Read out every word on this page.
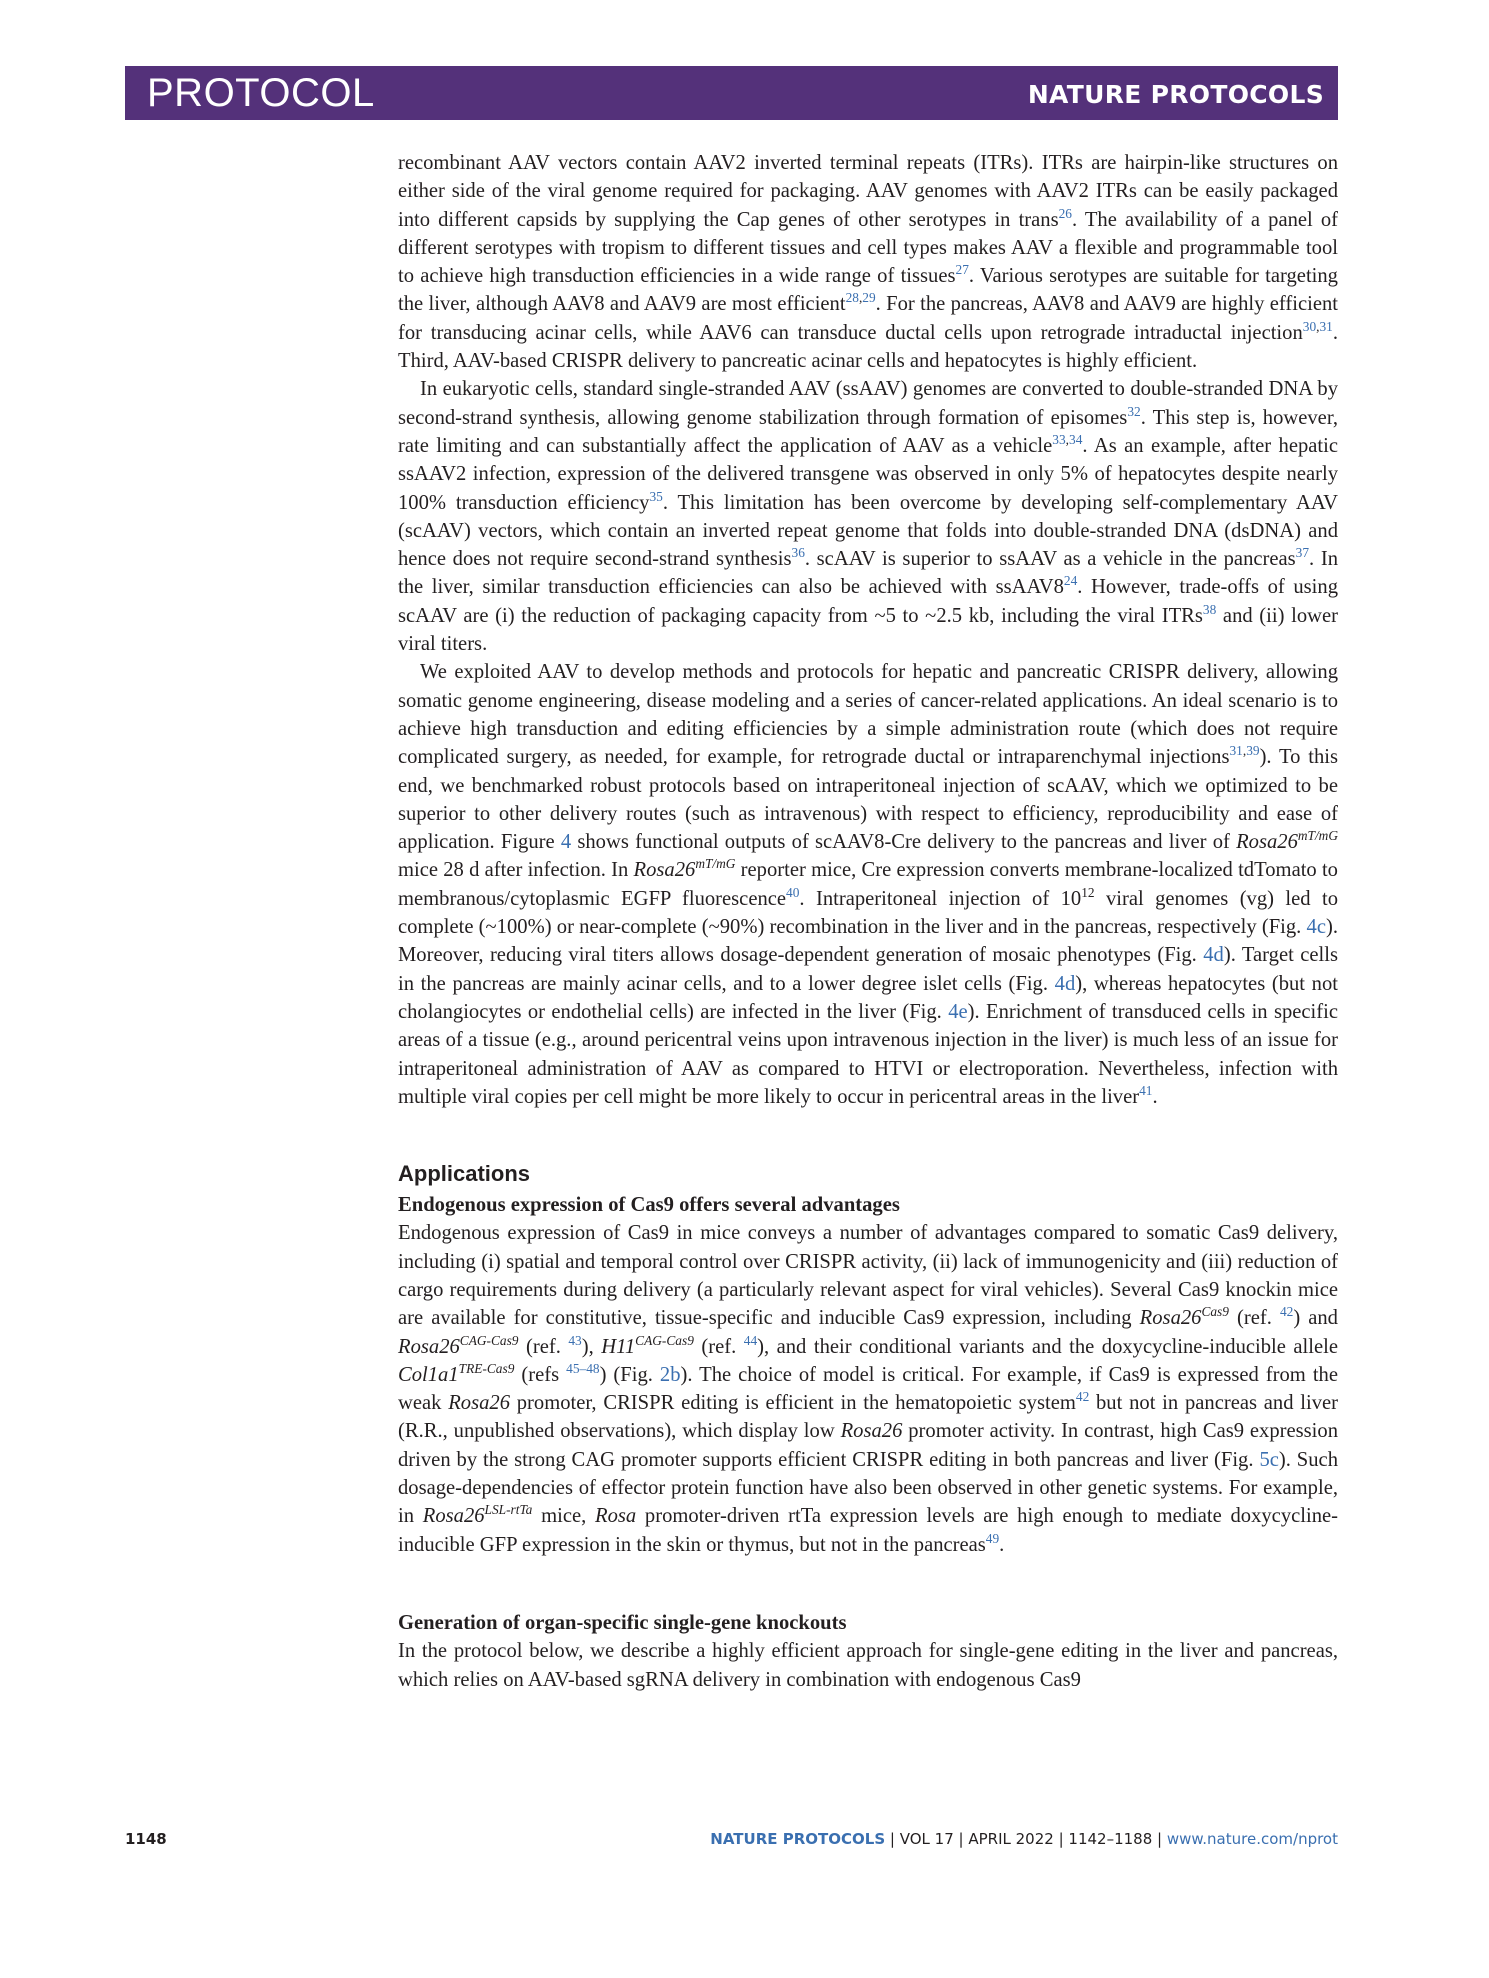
PROTOCOL	NATURE PROTOCOLS

recombinant AAV vectors contain AAV2 inverted terminal repeats (ITRs). ITRs are hairpin-like structures on either side of the viral genome required for packaging. AAV genomes with AAV2 ITRs can be easily packaged into different capsids by supplying the Cap genes of other serotypes in trans$^{26}$. The availability of a panel of different serotypes with tropism to different tissues and cell types makes AAV a flexible and programmable tool to achieve high transduction efficiencies in a wide range of tissues$^{27}$. Various serotypes are suitable for targeting the liver, although AAV8 and AAV9 are most efficient$^{28,29}$. For the pancreas, AAV8 and AAV9 are highly efficient for transducing acinar cells, while AAV6 can transduce ductal cells upon retrograde intraductal injection$^{30,31}$. Third, AAV-based CRISPR delivery to pancreatic acinar cells and hepatocytes is highly efficient.

In eukaryotic cells, standard single-stranded AAV (ssAAV) genomes are converted to double-stranded DNA by second-strand synthesis, allowing genome stabilization through formation of episomes$^{32}$. This step is, however, rate limiting and can substantially affect the application of AAV as a vehicle$^{33,34}$. As an example, after hepatic ssAAV2 infection, expression of the delivered transgene was observed in only 5% of hepatocytes despite nearly 100% transduction efficiency$^{35}$. This limitation has been overcome by developing self-complementary AAV (scAAV) vectors, which contain an inverted repeat genome that folds into double-stranded DNA (dsDNA) and hence does not require second-strand synthesis$^{36}$. scAAV is superior to ssAAV as a vehicle in the pancreas$^{37}$. In the liver, similar transduction efficiencies can also be achieved with ssAAV8$^{24}$. However, trade-offs of using scAAV are (i) the reduction of packaging capacity from ~5 to ~2.5 kb, including the viral ITRs$^{38}$ and (ii) lower viral titers.

We exploited AAV to develop methods and protocols for hepatic and pancreatic CRISPR delivery, allowing somatic genome engineering, disease modeling and a series of cancer-related applications. An ideal scenario is to achieve high transduction and editing efficiencies by a simple administration route (which does not require complicated surgery, as needed, for example, for retrograde ductal or intraparenchymal injections$^{31,39}$). To this end, we benchmarked robust protocols based on intraperitoneal injection of scAAV, which we optimized to be superior to other delivery routes (such as intravenous) with respect to efficiency, reproducibility and ease of application. Figure 4 shows functional outputs of scAAV8-Cre delivery to the pancreas and liver of $Rosa26^{mT/mG}$ mice 28 d after infection. In $Rosa26^{mT/mG}$ reporter mice, Cre expression converts membrane-localized tdTomato to membranous/cytoplasmic EGFP fluorescence$^{40}$. Intraperitoneal injection of $10^{12}$ viral genomes (vg) led to complete (~100%) or near-complete (~90%) recombination in the liver and in the pancreas, respectively (Fig. 4c). Moreover, reducing viral titers allows dosage-dependent generation of mosaic phenotypes (Fig. 4d). Target cells in the pancreas are mainly acinar cells, and to a lower degree islet cells (Fig. 4d), whereas hepatocytes (but not cholangiocytes or endothelial cells) are infected in the liver (Fig. 4e). Enrichment of transduced cells in specific areas of a tissue (e.g., around pericentral veins upon intravenous injection in the liver) is much less of an issue for intraperitoneal administration of AAV as compared to HTVI or electroporation. Nevertheless, infection with multiple viral copies per cell might be more likely to occur in pericentral areas in the liver$^{41}$.

Applications
Endogenous expression of Cas9 offers several advantages

Endogenous expression of Cas9 in mice conveys a number of advantages compared to somatic Cas9 delivery, including (i) spatial and temporal control over CRISPR activity, (ii) lack of immunogenicity and (iii) reduction of cargo requirements during delivery (a particularly relevant aspect for viral vehicles). Several Cas9 knockin mice are available for constitutive, tissue-specific and inducible Cas9 expression, including $Rosa26^{Cas9}$ (ref. $^{42}$) and $Rosa26^{CAG-Cas9}$ (ref. $^{43}$), $H11^{CAG-Cas9}$ (ref. $^{44}$), and their conditional variants and the doxycycline-inducible allele $Col1a1^{TRE-Cas9}$ (refs $^{45-48}$) (Fig. 2b). The choice of model is critical. For example, if Cas9 is expressed from the weak Rosa26 promoter, CRISPR editing is efficient in the hematopoietic system$^{42}$ but not in pancreas and liver (R.R., unpublished observations), which display low Rosa26 promoter activity. In contrast, high Cas9 expression driven by the strong CAG promoter supports efficient CRISPR editing in both pancreas and liver (Fig. 5c). Such dosage-dependencies of effector protein function have also been observed in other genetic systems. For example, in $Rosa26^{LSL-rtTa}$ mice, Rosa promoter-driven rtTa expression levels are high enough to mediate doxycycline-inducible GFP expression in the skin or thymus, but not in the pancreas$^{49}$.

Generation of organ-specific single-gene knockouts

In the protocol below, we describe a highly efficient approach for single-gene editing in the liver and pancreas, which relies on AAV-based sgRNA delivery in combination with endogenous Cas9

1148	NATURE PROTOCOLS | VOL 17 | APRIL 2022 | 1142–1188 | www.nature.com/nprot
